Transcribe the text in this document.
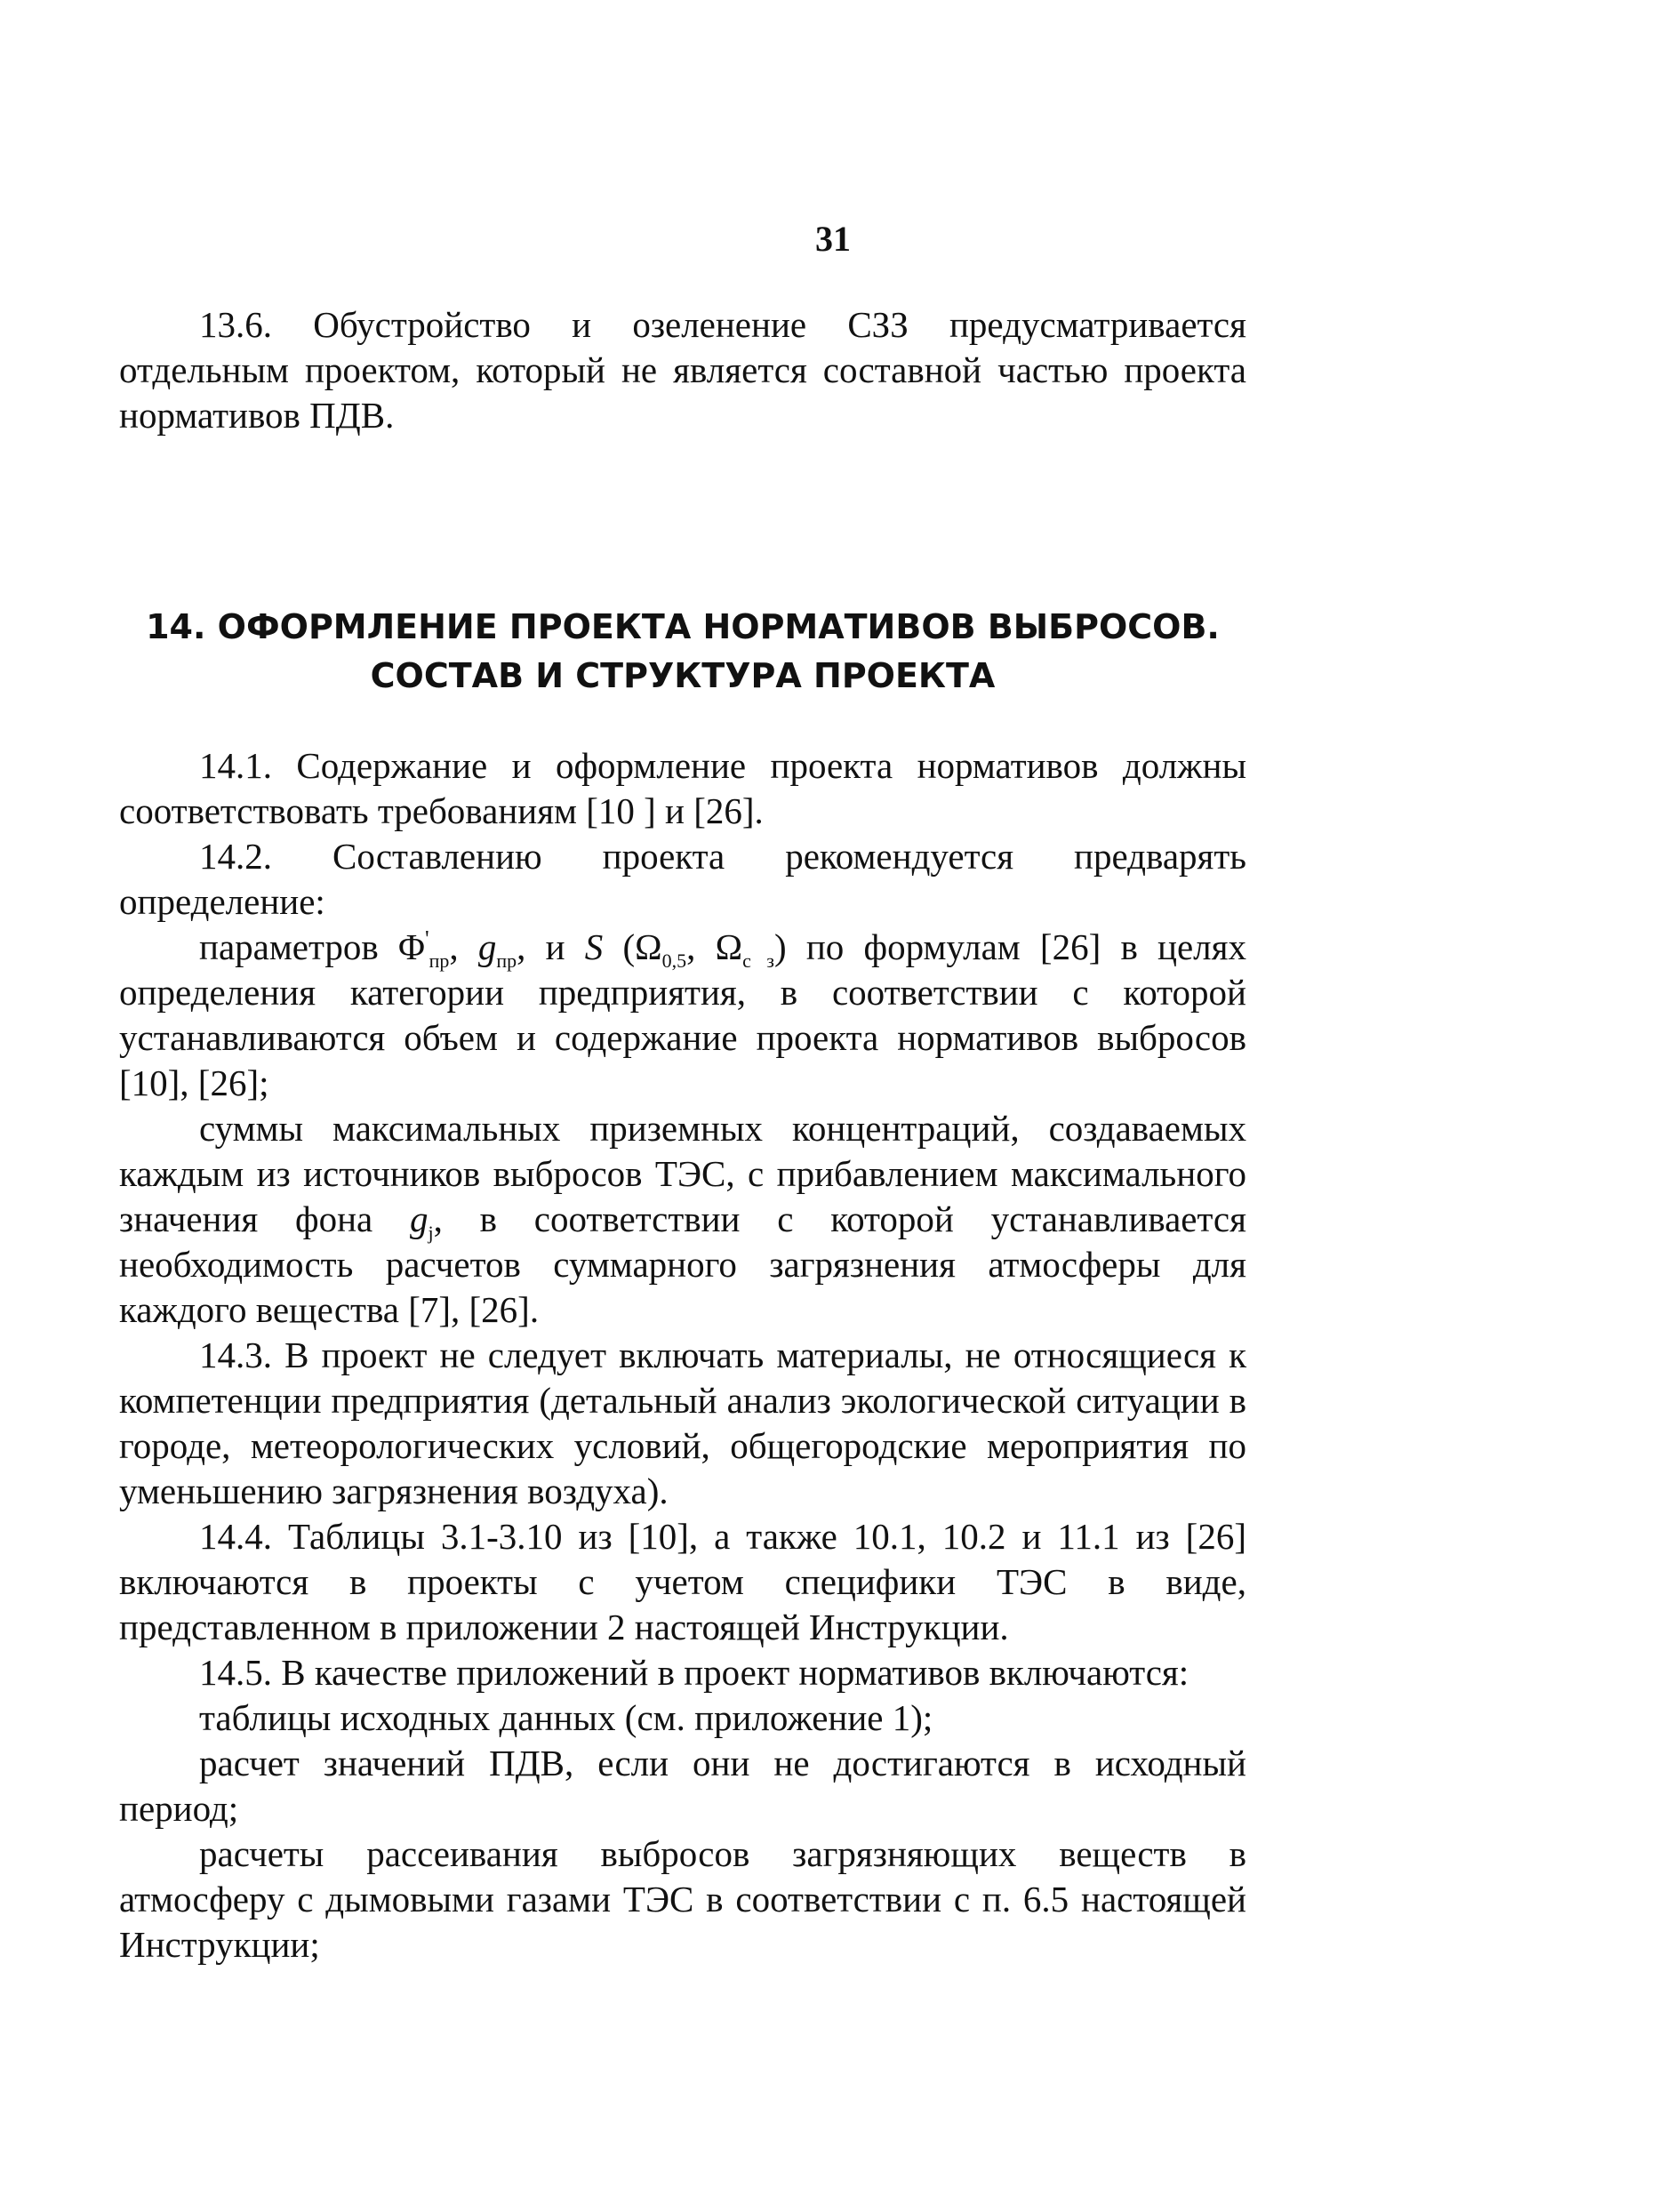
31

13.6. Обустройство и озеленение СЗЗ предусматривается отдельным проектом, который не является составной частью проекта нормативов ПДВ.

14. ОФОРМЛЕНИЕ ПРОЕКТА НОРМАТИВОВ ВЫБРОСОВ.
СОСТАВ И СТРУКТУРА ПРОЕКТА

14.1. Содержание и оформление проекта нормативов должны соответствовать требованиям [10 ] и [26].

14.2. Составлению проекта рекомендуется предварять определение:

параметров $\Phi'_{пр}$, $g_{пр}$, и S ($\Omega_{0,5}$, $\Omega_{с з}$) по формулам [26] в целях определения категории предприятия, в соответствии с которой устанавливаются объем и содержание проекта нормативов выбросов [10], [26];

суммы максимальных приземных концентраций, создаваемых каждым из источников выбросов ТЭС, с прибавлением максимального значения фона $g_j$, в соответствии с которой устанавливается необходимость расчетов суммарного загрязнения атмосферы для каждого вещества [7], [26].

14.3. В проект не следует включать материалы, не относящиеся к компетенции предприятия (детальный анализ экологической ситуации в городе, метеорологических условий, общегородские мероприятия по уменьшению загрязнения воздуха).

14.4. Таблицы 3.1-3.10 из [10], а также 10.1, 10.2 и 11.1 из [26] включаются в проекты с учетом специфики ТЭС в виде, представленном в приложении 2 настоящей Инструкции.

14.5. В качестве приложений в проект нормативов включаются:

таблицы исходных данных (см. приложение 1);

расчет значений ПДВ, если они не достигаются в исходный период;

расчеты рассеивания выбросов загрязняющих веществ в атмосферу с дымовыми газами ТЭС в соответствии с п. 6.5 настоящей Инструкции;
